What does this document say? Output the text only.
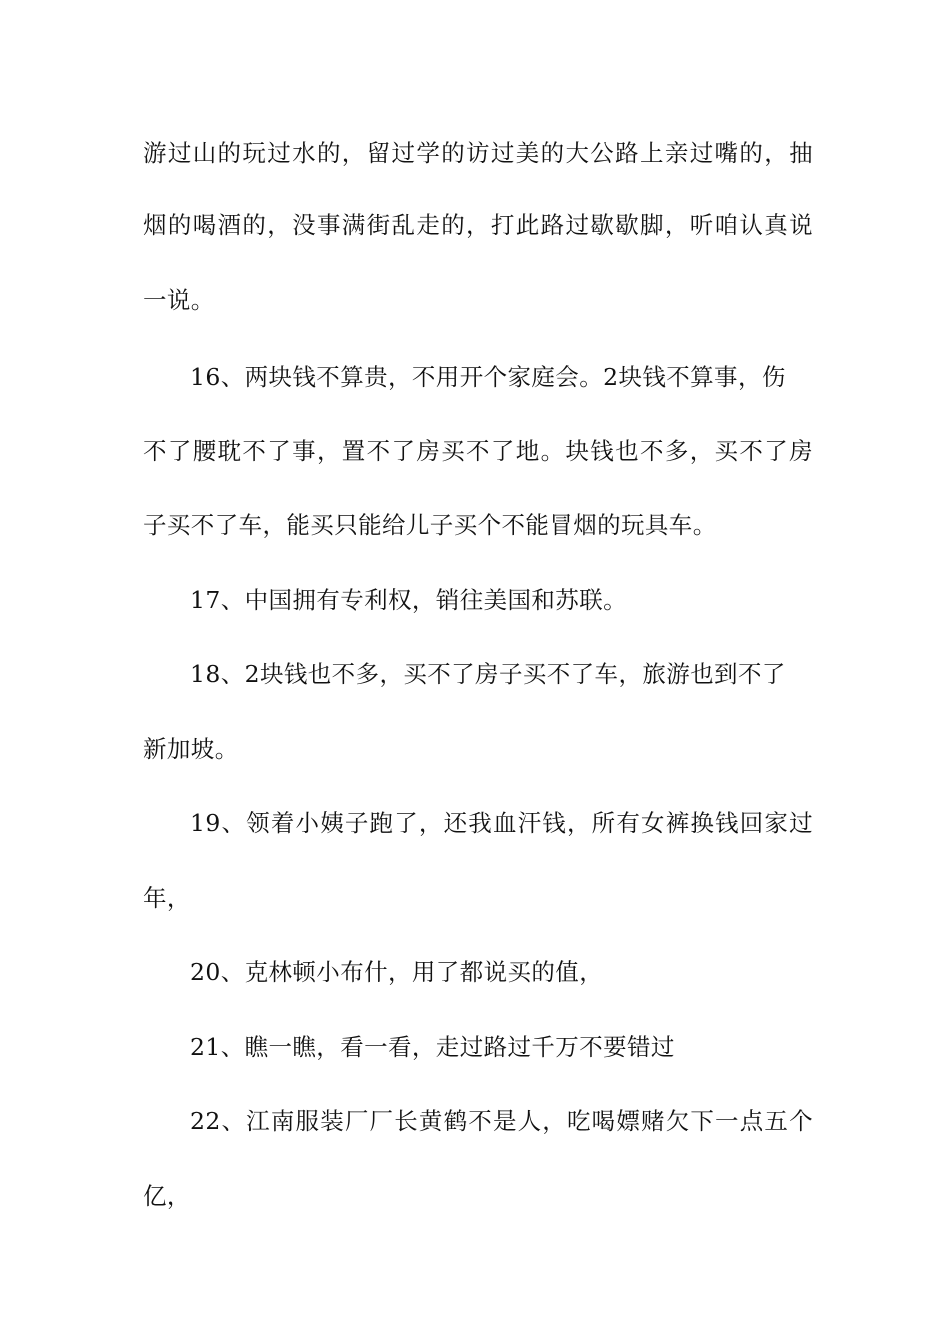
游过山的玩过水的，留过学的访过美的大公路上亲过嘴的，抽
烟的喝酒的，没事满街乱走的，打此路过歇歇脚，听咱认真说
一说。
16、两块钱不算贵，不用开个家庭会。2块钱不算事，伤
不了腰耽不了事，置不了房买不了地。块钱也不多，买不了房
子买不了车，能买只能给儿子买个不能冒烟的玩具车。
17、中国拥有专利权，销往美国和苏联。
18、2块钱也不多，买不了房子买不了车，旅游也到不了
新加坡。
19、领着小姨子跑了，还我血汗钱，所有女裤换钱回家过
年，
20、克林顿小布什，用了都说买的值，
21、瞧一瞧，看一看，走过路过千万不要错过
22、江南服装厂厂长黄鹤不是人，吃喝嫖赌欠下一点五个
亿，
